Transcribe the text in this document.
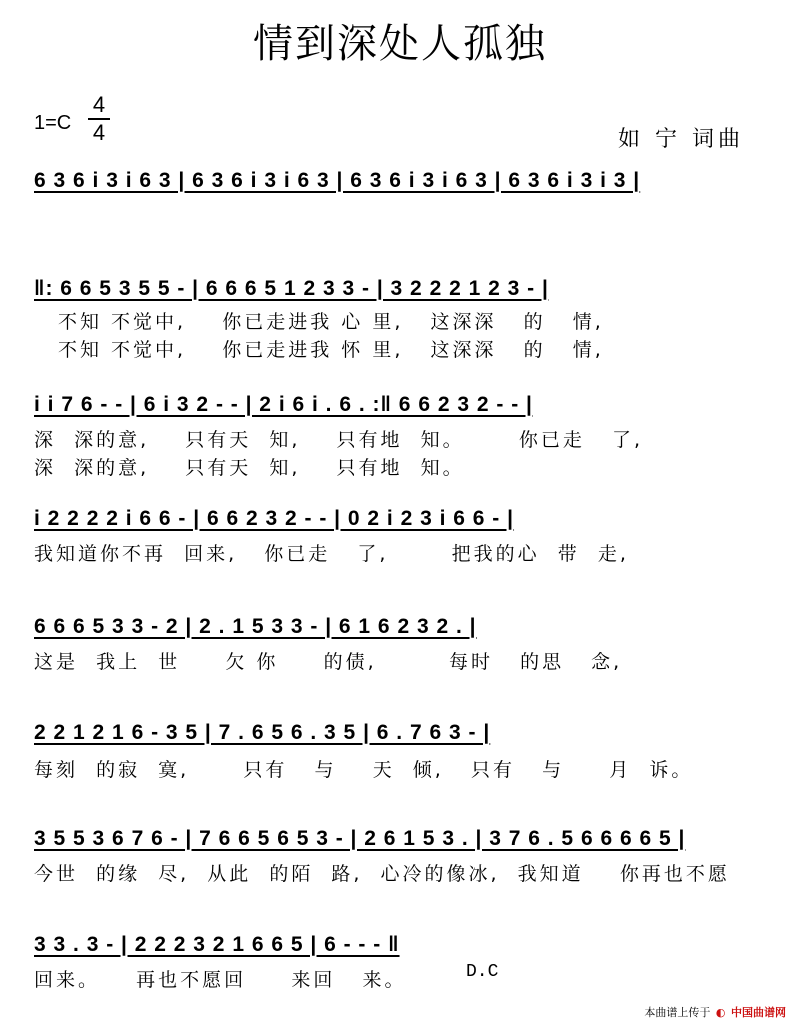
情到深处人孤独
1=C
4
4	如 宁 词曲
6 3 6 i 3 i 6 3 | 6 3 6 i 3 i 6 3 | 6 3 6 i 3 i 6 3 | 6 3 6 i 3 i 3 |
‖: 6 6 5 3 5 5 - | 6 6 6 5 1 2 3 3 - | 3 2 2 2 1 2 3 - |
不知 不觉中,    你已走进我 心 里,   这深深   的   情,
不知 不觉中,    你已走进我 怀 里,   这深深   的   情,
i i 7 6 - - | 6 i 3 2 - - | 2 i 6 i . 6 . :‖ 6 6 2 3 2 - - |
深  深的意,    只有天  知,    只有地  知。      你已走   了,
深  深的意,    只有天  知,    只有地  知。
i 2 2 2 2 i 6 6 - | 6 6 2 3 2 - - | 0 2 i 2 3 i 6 6 - |
我知道你不再  回来,   你已走   了,       把我的心  带  走,
6 6 6 5 3 3 - 2 | 2 . 1 5 3 3 - | 6 1 6 2 3 2 . |
这是  我上  世     欠 你     的债,        每时   的思   念,
2 2 1 2 1 6 - 3 5 | 7 . 6 5 6 . 3 5 | 6 . 7 6 3 - |
每刻  的寂  寞,      只有   与    天  倾,   只有   与     月  诉。
3 5 5 3 6 7 6 - | 7 6 6 5 6 5 3 - | 2 6 1 5 3 . | 3 7 6 . 5 6 6 6 6 5 |
今世  的缘  尽,  从此  的陌  路,  心冷的像冰,  我知道    你再也不愿
3 3 . 3 - | 2 2 2 3 2 1 6 6 5 | 6 - - - ‖
D.C
回来。    再也不愿回     来回   来。
本曲谱上传于 ◐ 中国曲谱网
